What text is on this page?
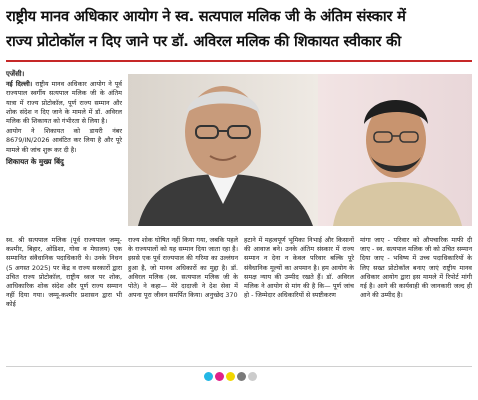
राष्ट्रीय मानव अधिकार आयोग ने स्व. सत्यपाल मलिक जी के अंतिम संस्कार में
राज्य प्रोटोकॉल न दिए जाने पर डॉ. अविरल मलिक की शिकायत स्वीकार की

एजेंसी।

नई दिल्ली। राष्ट्रीय मानव अधिकार आयोग ने पूर्व राज्यपाल स्वर्गीय सत्यपाल मलिक जी के अंतिम यात्रा में राज्य प्रोटोकॉल, पूर्ण राज्य सम्मान और शोक संदेश न दिए जाने के मामले में डॉ. अविरल मलिक की शिकायत को गंभीरता से लिया है।

आयोग ने शिकायत को डायरी नंबर 8679/IN/2026 आवंटित कर लिया है और पूरे मामले की जांच शुरू कर दी है।

शिकायत के मुख्य बिंदु

स्व. श्री सत्यपाल मलिक (पूर्व राज्यपाल जम्मू-कश्मीर, बिहार, ओडिशा, गोवा व मेघालय) एक सम्मानित संवैधानिक पदाधिकारी थे। उनके निधन (5 अगस्त 2025) पर केंद्र व राज्य सरकारों द्वारा उचित राज्य प्रोटोकॉल, राष्ट्रीय ध्वज पर शोक, आधिकारिक शोक संदेश और पूर्ण राज्य सम्मान नहीं दिया गया। जम्मू-कश्मीर प्रशासन द्वारा भी कोई
राज्य शोक घोषित नहीं किया गया, जबकि पहले के राज्यपालों को यह सम्मान दिया जाता रहा है। इससे एक पूर्व राज्यपाल की गरिमा का उल्लंघन हुआ है, जो मानव अधिकारों का मुद्दा है। डॉ. अविरल मलिक (स्व. सत्यपाल मलिक जी के पोते) ने कहा— मेरे दादाजी ने देश सेवा में अपना पूरा जीवन समर्पित किया। अनुच्छेद 370
हटाने में महत्वपूर्ण भूमिका निभाई और किसानों की आवाज बने। उनके अंतिम संस्कार में राज्य सम्मान न देना न केवल परिवार बल्कि पूरे संवैधानिक मूल्यों का अपमान है। हम आयोग के समक्ष न्याय की उम्मीद रखते हैं। डॉ. अविरल मलिक ने आयोग से मांग की है कि— पूर्ण जांच हो - जिम्मेदार अधिकारियों से स्पष्टीकरण
मांगा जाए - परिवार को औपचारिक माफी दी जाए - स्व. सत्यपाल मलिक जी को उचित सम्मान दिया जाए - भविष्य में उच्च पदाधिकारियों के लिए सख्त प्रोटोकॉल बनाए जाएं राष्ट्रीय मानव अधिकार आयोग द्वारा इस मामले में रिपोर्ट मांगी गई है। आगे की कार्यवाही की जानकारी जल्द ही आने की उम्मीद है।
